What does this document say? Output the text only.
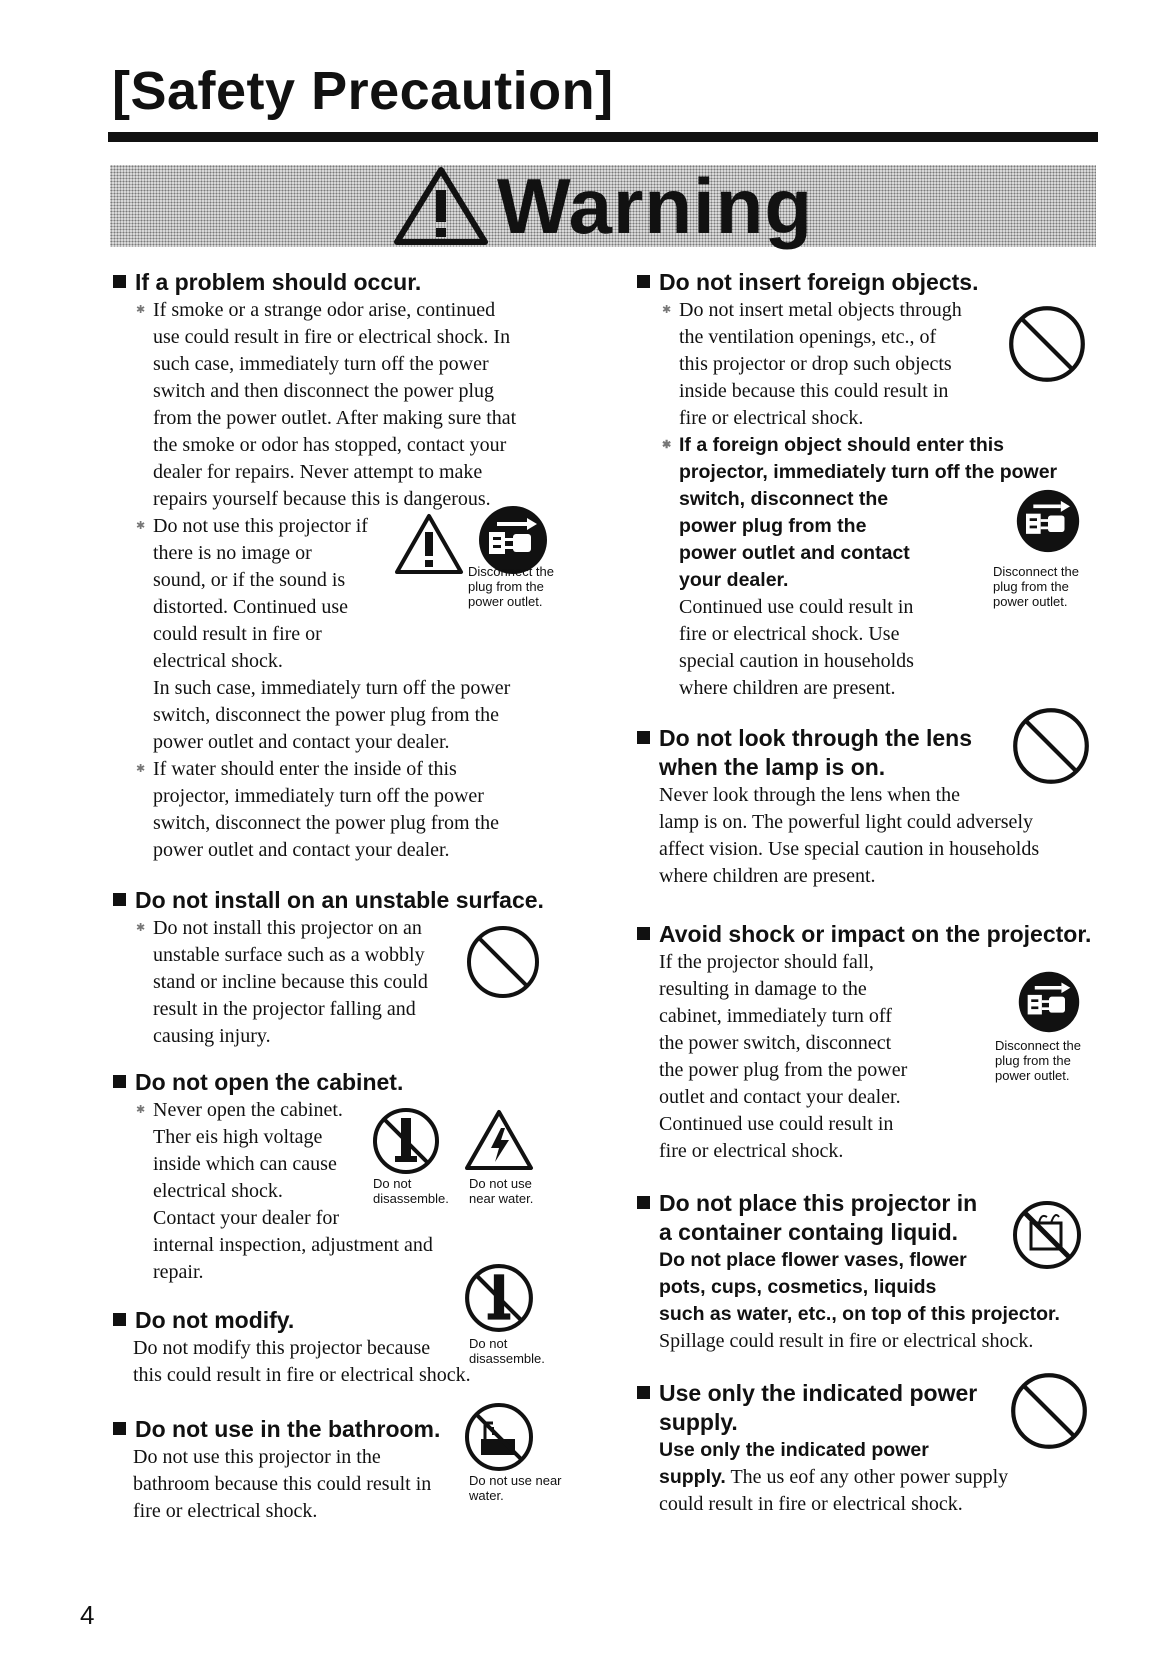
[Safety Precaution]
Warning
If a problem should occur.

✱ If smoke or a strange odor arise, continued
use could result in fire or electrical shock. In
such case, immediately turn off the power
switch and then disconnect the power plug
from the power outlet. After making sure that
the smoke or odor has stopped, contact your
dealer for repairs. Never attempt to make
repairs yourself because this is dangerous.

✱ Do not use this projector if
there is no image or
sound, or if the sound is
distorted. Continued use
could result in fire or
electrical shock.
In such case, immediately turn off the power
switch, disconnect the power plug from the
power outlet and contact your dealer.

✱ If water should enter the inside of this
projector, immediately turn off the power
switch, disconnect the power plug from the
power outlet and contact your dealer.

Disconnect the
plug from the
power outlet.
Do not install on an unstable surface.

✱ Do not install this projector on an
unstable surface such as a wobbly
stand or incline because this could
result in the projector falling and
causing injury.

Do not open the cabinet.

✱ Never open the cabinet.
Ther eis high voltage
inside which can cause
electrical shock.
Contact your dealer for
internal inspection, adjustment and
repair.

Do not
disassemble.
Do not use
near water.
Do not modify.

Do not modify this projector because
this could result in fire or electrical shock.

Do not
disassemble.
Do not use in the bathroom.

Do not use this projector in the
bathroom because this could result in
fire or electrical shock.

Do not use near
water.
Do not insert foreign objects.

✱ Do not insert metal objects through
the ventilation openings, etc., of
this projector or drop such objects
inside because this could result in
fire or electrical shock.

✱ If a foreign object should enter this
projector, immediately turn off the power
switch, disconnect the
power plug from the
power outlet and contact
your dealer.

Continued use could result in
fire or electrical shock. Use
special caution in households
where children are present.

Disconnect the
plug from the
power outlet.
Do not look through the lens
when the lamp is on.

Never look through the lens when the
lamp is on. The powerful light could adversely
affect vision. Use special caution in households
where children are present.

Avoid shock or impact on the projector.

If the projector should fall,
resulting in damage to the
cabinet, immediately turn off
the power switch, disconnect
the power plug from the power
outlet and contact your dealer.
Continued use could result in
fire or electrical shock.

Disconnect the
plug from the
power outlet.
Do not place this projector in
a container containg liquid.

Do not place flower vases, flower
pots, cups, cosmetics, liquids
such as water, etc., on top of this projector.

Spillage could result in fire or electrical shock.

Use only the indicated power
supply.

Use only the indicated power
supply. The us eof any other power supply
could result in fire or electrical shock.

4
